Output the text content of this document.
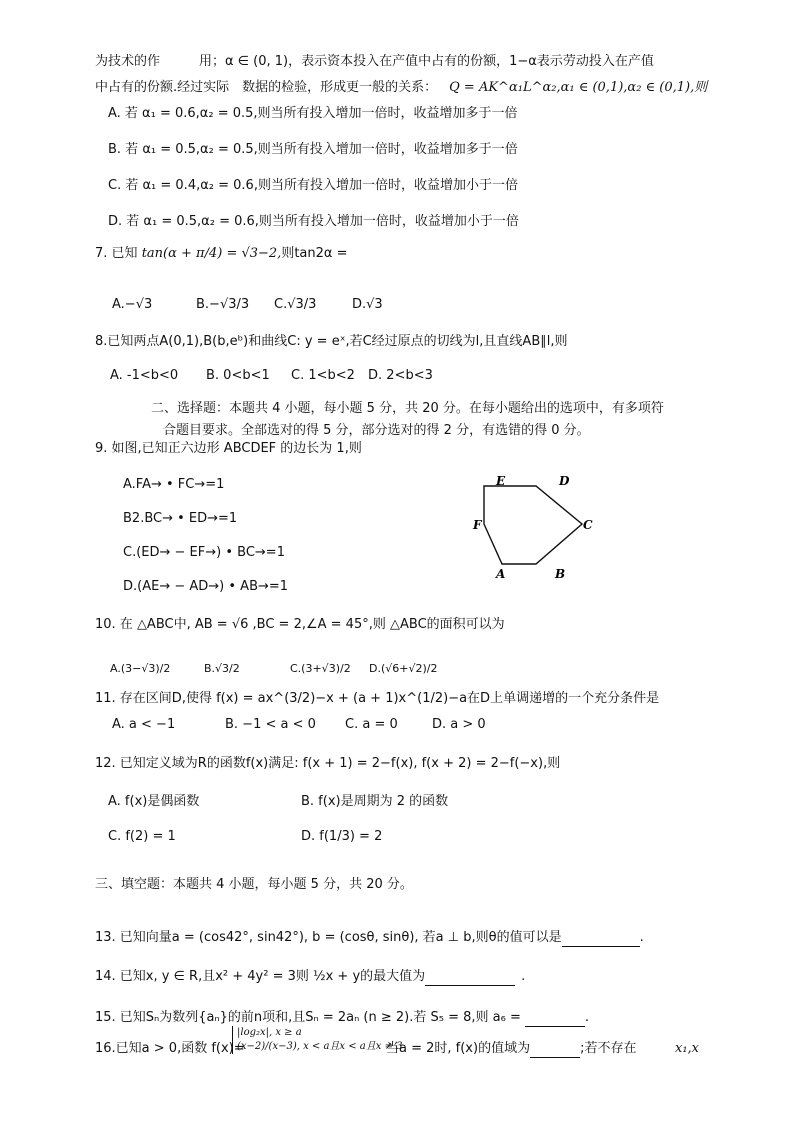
为技术的作　　　用；α ∈ (0, 1)，表示资本投入在产值中占有的份额，1−α表示劳动投入在产值
中占有的份额.经过实际　数据的检验，形成更一般的关系： Q = AK^α₁L^α₂,α₁ ∈ (0,1),α₂ ∈ (0,1),则
A. 若 α₁ = 0.6,α₂ = 0.5,则当所有投入增加一倍时，收益增加多于一倍
B. 若 α₁ = 0.5,α₂ = 0.5,则当所有投入增加一倍时，收益增加多于一倍
C. 若 α₁ = 0.4,α₂ = 0.6,则当所有投入增加一倍时，收益增加小于一倍
D. 若 α₁ = 0.5,α₂ = 0.6,则当所有投入增加一倍时，收益增加小于一倍
7. 已知 tan(α + π/4) = √3−2,则tan2α =
A.−√3	B.−√3/3 C.√3/3	D.√3
8.已知两点A(0,1),B(b,eᵇ)和曲线C: y = eˣ,若C经过原点的切线为l,且直线AB∥l,则
A. -1<b<0 B. 0<b<1 C. 1<b<2 D. 2<b<3
二、选择题：本题共 4 小题，每小题 5 分，共 20 分。在每小题给出的选项中，有多项符
合题目要求。全部选对的得 5 分，部分选对的得 2 分，有选错的得 0 分。
9. 如图,已知正六边形 ABCDEF 的边长为 1,则
A.FA→ • FC→=1
B2.BC→ • ED→=1
C.(ED→ − EF→) • BC→=1
D.(AE→ − AD→) • AB→=1
E	D
F	C
A	B
10. 在 △ABC中, AB = √6 ,BC = 2,∠A = 45°,则 △ABC的面积可以为
A.(3−√3)/2	B.√3/2	C.(3+√3)/2 D.(√6+√2)/2
11. 存在区间D,使得 f(x) = ax^(3/2)−x + (a + 1)x^(1/2)−a在D上单调递增的一个充分条件是
A. a < −1	B. −1 < a < 0 C. a = 0	D. a > 0
12. 已知定义域为R的函数f(x)满足: f(x + 1) = 2−f(x), f(x + 2) = 2−f(−x),则
A. f(x)是偶函数	B. f(x)是周期为 2 的函数
C. f(2) = 1	D. f(1/3) = 2
三、填空题：本题共 4 小题，每小题 5 分，共 20 分。
13. 已知向量a = (cos42°, sin42°), b = (cosθ, sinθ), 若a ⊥ b,则θ的值可以是	.
14. 已知x, y ∈ R,且x² + 4y² = 3则 ½x + y的最大值为	.
15. 已知Sₙ为数列{aₙ}的前n项和,且Sₙ = 2aₙ (n ≥ 2).若 S₅ = 8,则 a₆ =	.
16.已知a > 0,函数 f(x)=
|log₂x|, x ≥ a
(x−2)/(x−3), x < a且x < a且x ≠ 3
当a = 2时, f(x)的值域为	;若不存在	x₁,x
